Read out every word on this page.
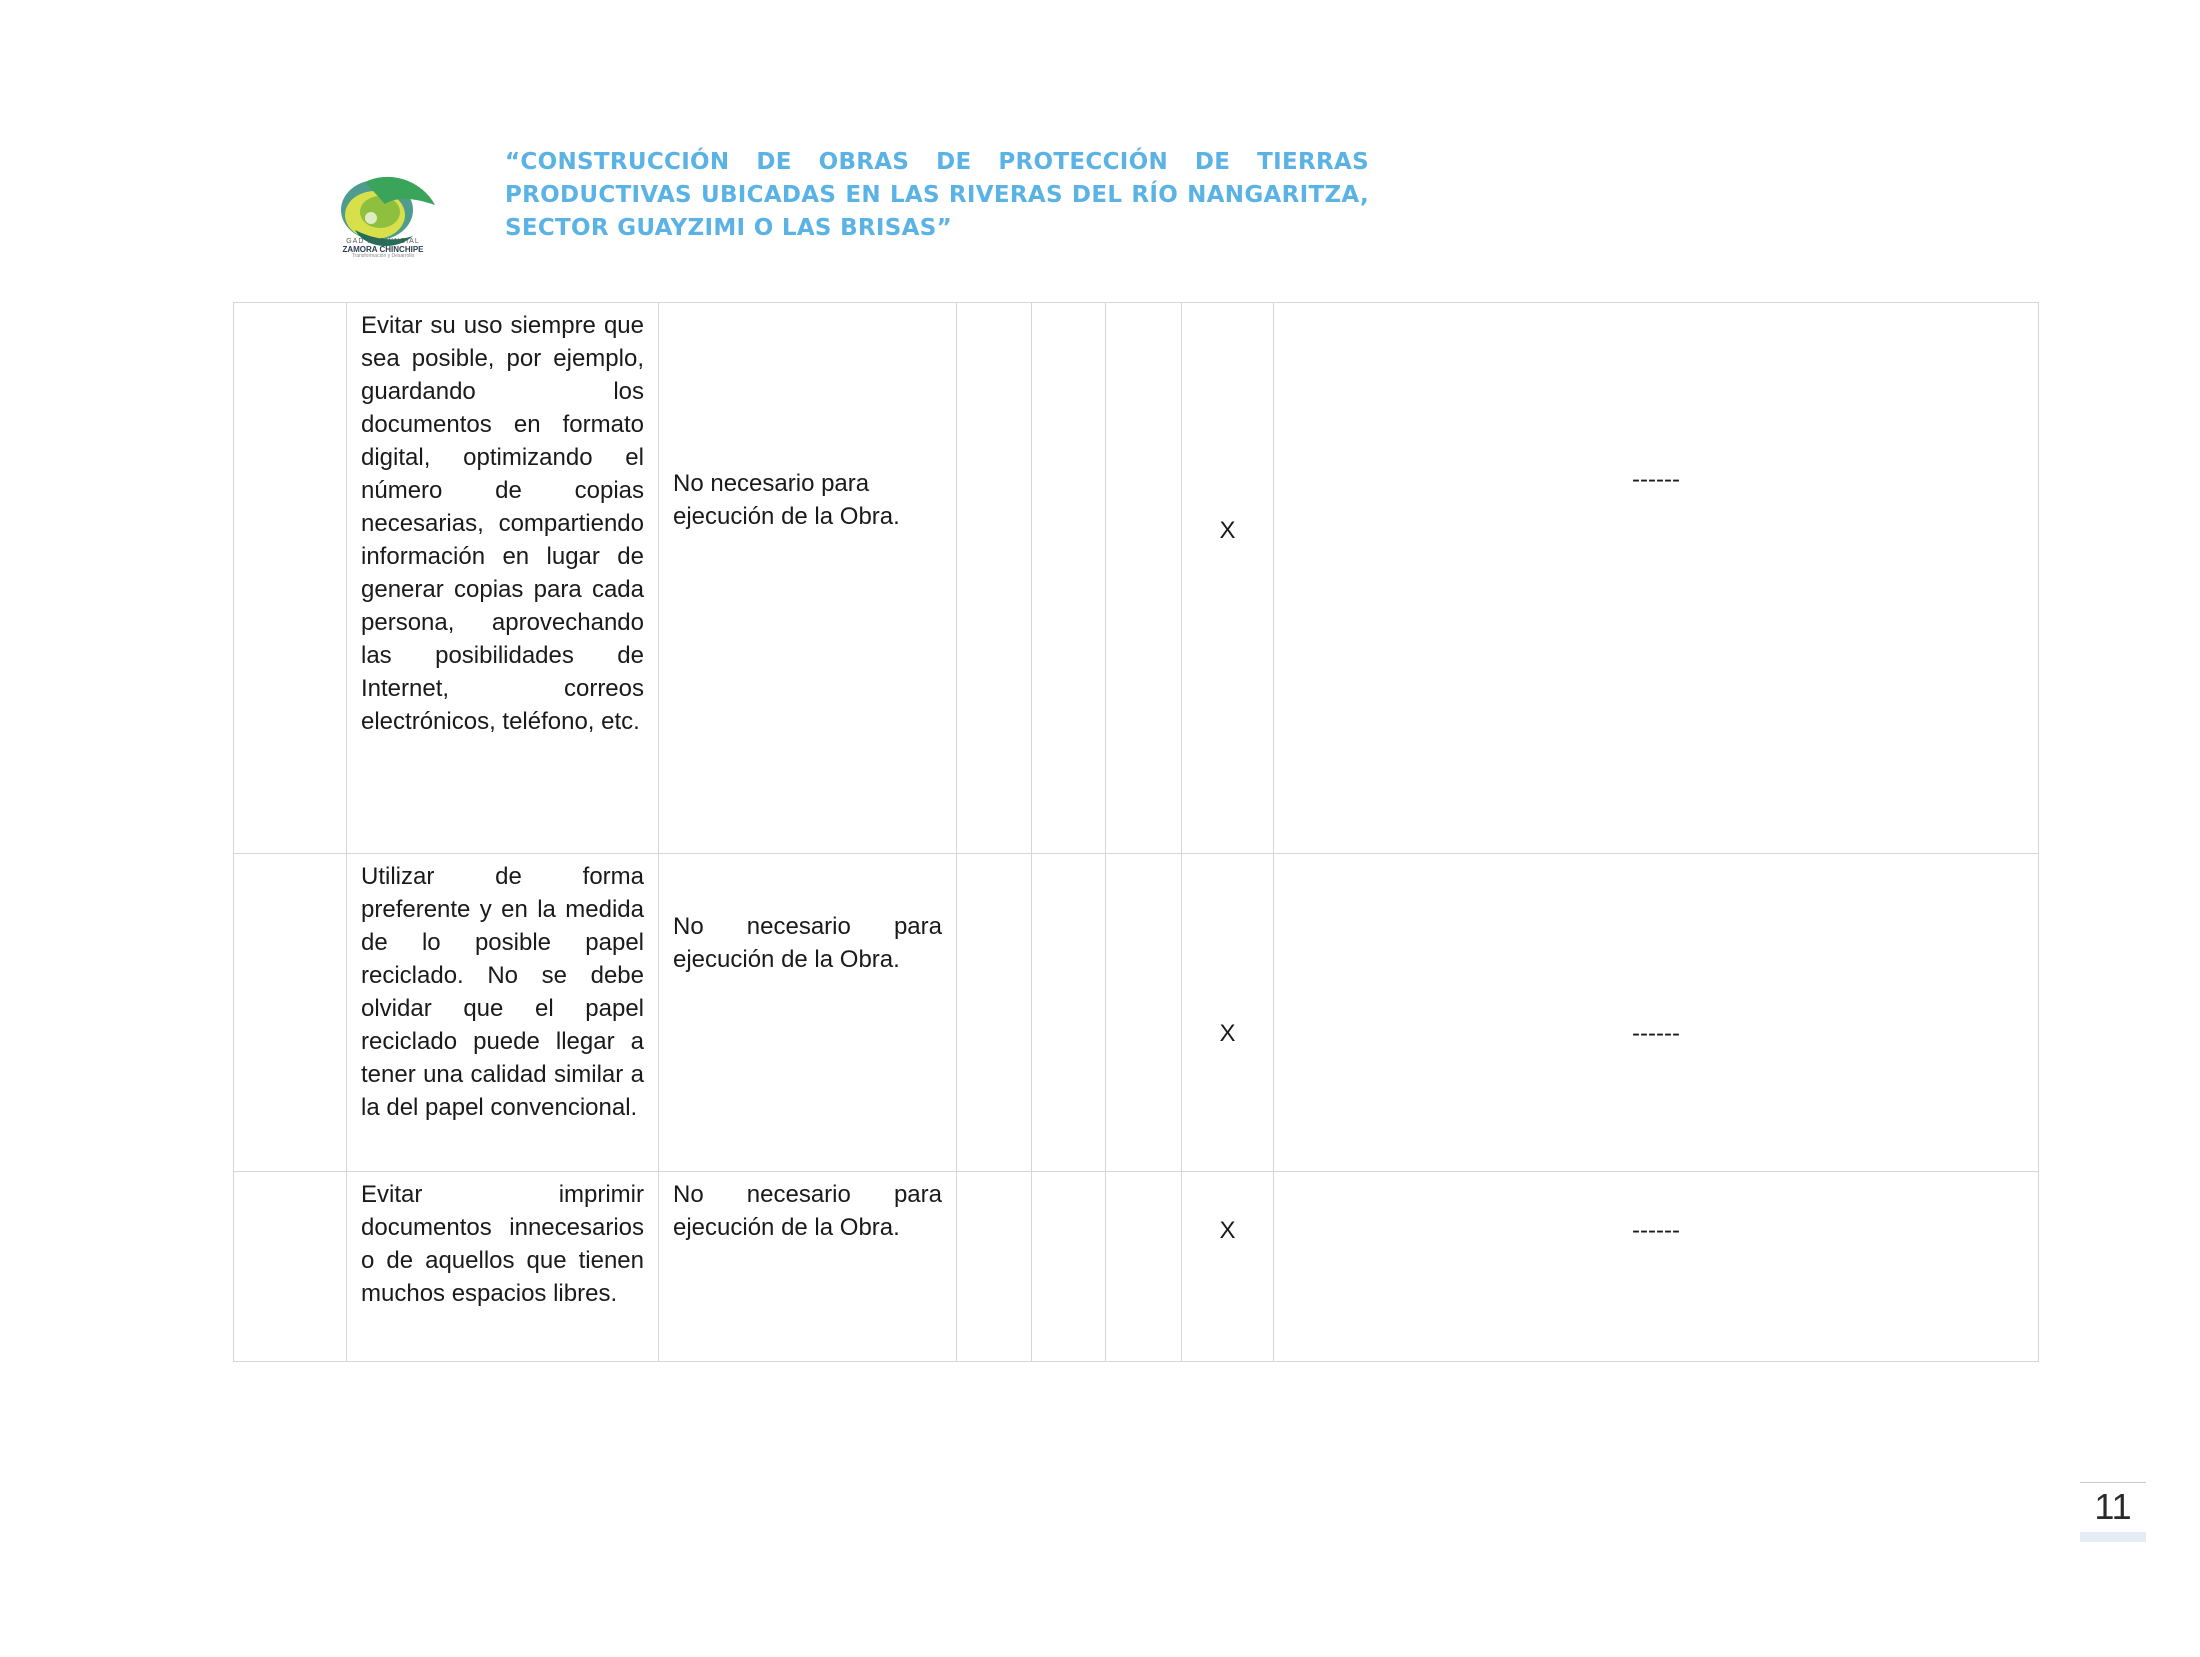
GAD PROVINCIAL
ZAMORA CHINCHIPE
Transformación y Desarrollo
“CONSTRUCCIÓN DE OBRAS DE PROTECCIÓN DE TIERRAS
PRODUCTIVAS UBICADAS EN LAS RIVERAS DEL RÍO NANGARITZA,
SECTOR GUAYZIMI O LAS BRISAS”
	Evitar su uso siempre que sea posible, por ejemplo, guardando los documentos en formato digital, optimizando el número de copias necesarias, compartiendo información en lugar de generar copias para cada persona, aprovechando las posibilidades de Internet, correos electrónicos, teléfono, etc.	No necesario para ejecución de la Obra.				X	------

	Utilizar de forma preferente y en la medida de lo posible papel reciclado. No se debe olvidar que el papel reciclado puede llegar a tener una calidad similar a la del papel convencional.	No necesario para ejecución de la Obra.				X	------

	Evitar imprimir documentos innecesarios o de aquellos que tienen muchos espacios libres.	No necesario para ejecución de la Obra.				X	------
11
